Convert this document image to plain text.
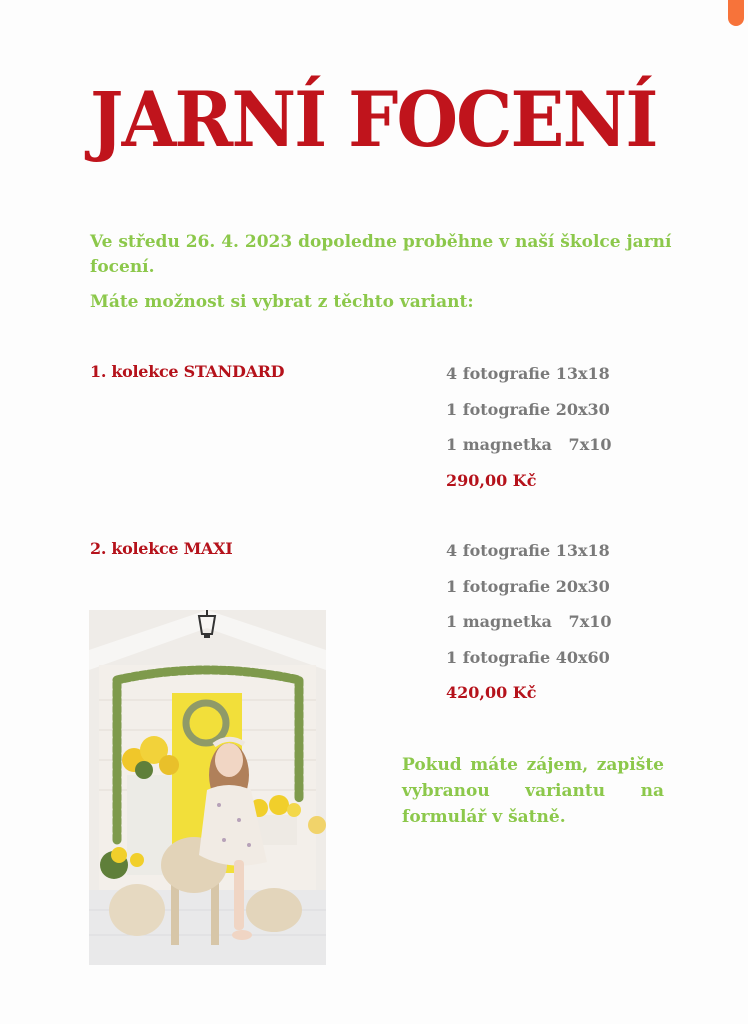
JARNÍ FOCENÍ
Ve středu 26. 4. 2023 dopoledne proběhne v naší školce jarní focení.
Máte možnost si vybrat z těchto variant:
1. kolekce STANDARD	4 fotografie 13x18
1 fotografie 20x30
1 magnetka   7x10
290,00 Kč
2. kolekce MAXI	4 fotografie 13x18
1 fotografie 20x30
1 magnetka   7x10
1 fotografie 40x60
420,00 Kč
Pokud máte zájem, zapište vybranou variantu na formulář v šatně.
